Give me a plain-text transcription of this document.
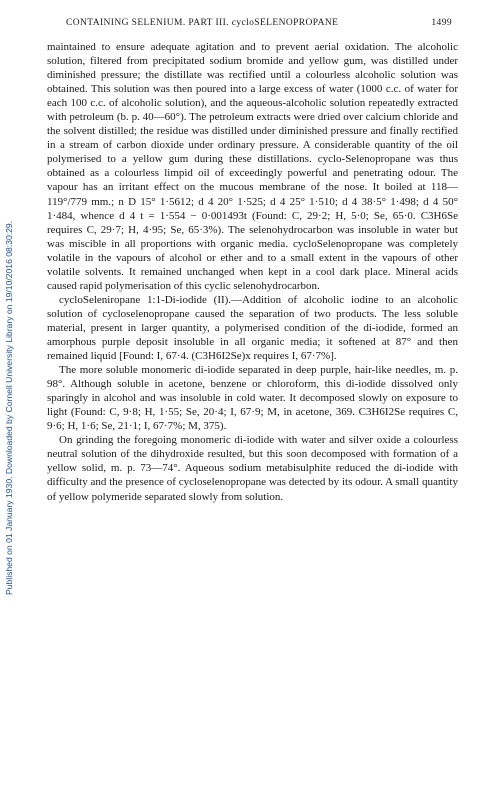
Published on 01 January 1930. Downloaded by Cornell University Library on 19/10/2016 08:30:29.
CONTAINING SELENIUM. PART III. cycloSELENOPROPANE	1499

maintained to ensure adequate agitation and to prevent aerial oxidation. The alcoholic solution, filtered from precipitated sodium bromide and yellow gum, was distilled under diminished pressure; the distillate was rectified until a colourless alcoholic solution was obtained. This solution was then poured into a large excess of water (1000 c.c. of water for each 100 c.c. of alcoholic solution), and the aqueous-alcoholic solution repeatedly extracted with petroleum (b. p. 40—60°). The petroleum extracts were dried over calcium chloride and the solvent distilled; the residue was distilled under diminished pressure and finally rectified in a stream of carbon dioxide under ordinary pressure. A considerable quantity of the oil polymerised to a yellow gum during these distillations. cyclo-Selenopropane was thus obtained as a colourless limpid oil of exceedingly powerful and penetrating odour. The vapour has an irritant effect on the mucous membrane of the nose. It boiled at 118—119°/779 mm.; n D 15° 1·5612; d 4 20° 1·525; d 4 25° 1·510; d 4 38·5° 1·498; d 4 50° 1·484, whence d 4 t = 1·554 − 0·001493t (Found: C, 29·2; H, 5·0; Se, 65·0. C3H6Se requires C, 29·7; H, 4·95; Se, 65·3%). The selenohydrocarbon was insoluble in water but was miscible in all proportions with organic media. cycloSelenopropane was completely volatile in the vapours of alcohol or ether and to a small extent in the vapours of other volatile solvents. It remained unchanged when kept in a cool dark place. Mineral acids caused rapid polymerisation of this cyclic selenohydrocarbon.

cycloSeleniropane 1:1-Di-iodide (II).—Addition of alcoholic iodine to an alcoholic solution of cycloselenopropane caused the separation of two products. The less soluble material, present in larger quantity, a polymerised condition of the di-iodide, formed an amorphous purple deposit insoluble in all organic media; it softened at 87° and then remained liquid [Found: I, 67·4. (C3H6I2Se)x requires I, 67·7%].

The more soluble monomeric di-iodide separated in deep purple, hair-like needles, m. p. 98°. Although soluble in acetone, benzene or chloroform, this di-iodide dissolved only sparingly in alcohol and was insoluble in cold water. It decomposed slowly on exposure to light (Found: C, 9·8; H, 1·55; Se, 20·4; I, 67·9; M, in acetone, 369. C3H6I2Se requires C, 9·6; H, 1·6; Se, 21·1; I, 67·7%; M, 375).

On grinding the foregoing monomeric di-iodide with water and silver oxide a colourless neutral solution of the dihydroxide resulted, but this soon decomposed with formation of a yellow solid, m. p. 73—74°. Aqueous sodium metabisulphite reduced the di-iodide with difficulty and the presence of cycloselenopropane was detected by its odour. A small quantity of yellow polymeride separated slowly from solution.
